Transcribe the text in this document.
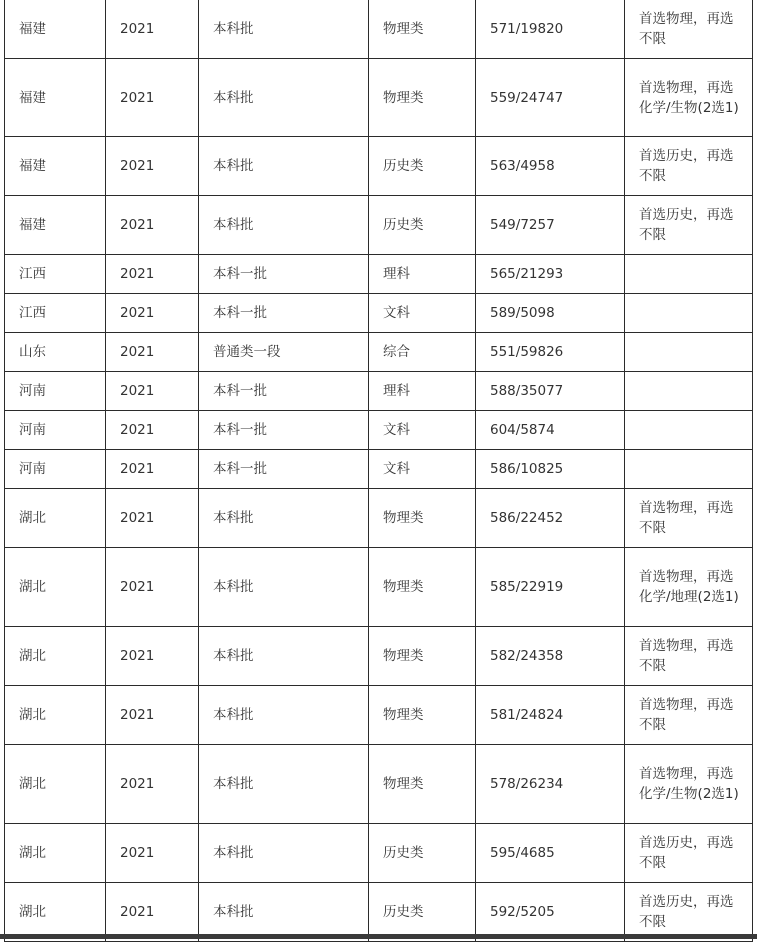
福建	2021	本科批	物理类	571/19820	首选物理，再选不限
福建	2021	本科批	物理类	559/24747	首选物理，再选化学/生物(2选1)
福建	2021	本科批	历史类	563/4958	首选历史，再选不限
福建	2021	本科批	历史类	549/7257	首选历史，再选不限
江西	2021	本科一批	理科	565/21293	
江西	2021	本科一批	文科	589/5098	
山东	2021	普通类一段	综合	551/59826	
河南	2021	本科一批	理科	588/35077	
河南	2021	本科一批	文科	604/5874	
河南	2021	本科一批	文科	586/10825	
湖北	2021	本科批	物理类	586/22452	首选物理，再选不限
湖北	2021	本科批	物理类	585/22919	首选物理，再选化学/地理(2选1)
湖北	2021	本科批	物理类	582/24358	首选物理，再选不限
湖北	2021	本科批	物理类	581/24824	首选物理，再选不限
湖北	2021	本科批	物理类	578/26234	首选物理，再选化学/生物(2选1)
湖北	2021	本科批	历史类	595/4685	首选历史，再选不限
湖北	2021	本科批	历史类	592/5205	首选历史，再选不限
